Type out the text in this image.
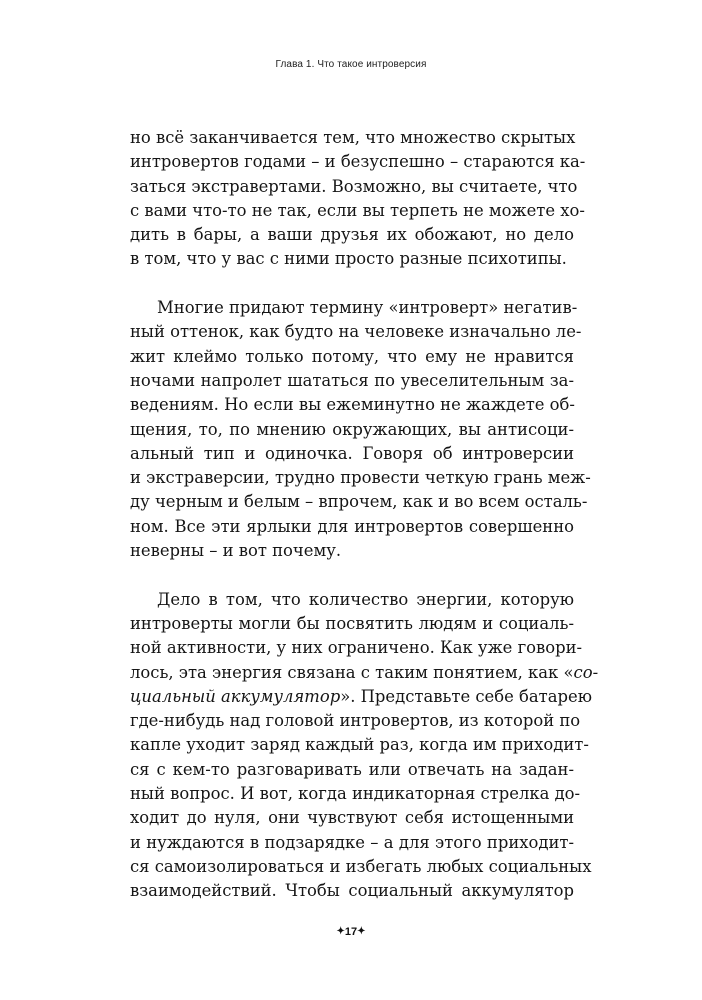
Глава 1. Что такое интроверсия
но всё заканчивается тем, что множество скрытых
интровертов годами – и безуспешно – стараются ка-
заться экстравертами. Возможно, вы считаете, что
с вами что-то не так, если вы терпеть не можете хо-
дить в бары, а ваши друзья их обожают, но дело
в том, что у вас с ними просто разные психотипы.
Многие придают термину «интроверт» негатив-
ный оттенок, как будто на человеке изначально ле-
жит клеймо только потому, что ему не нравится
ночами напролет шататься по увеселительным за-
ведениям. Но если вы ежеминутно не жаждете об-
щения, то, по мнению окружающих, вы антисоци-
альный тип и одиночка. Говоря об интроверсии
и экстраверсии, трудно провести четкую грань меж-
ду черным и белым – впрочем, как и во всем осталь-
ном. Все эти ярлыки для интровертов совершенно
неверны – и вот почему.
Дело в том, что количество энергии, которую
интроверты могли бы посвятить людям и социаль-
ной активности, у них ограничено. Как уже говори-
лось, эта энергия связана с таким понятием, как «со-
циальный аккумулятор». Представьте себе батарею
где-нибудь над головой интровертов, из которой по
капле уходит заряд каждый раз, когда им приходит-
ся с кем-то разговаривать или отвечать на задан-
ный вопрос. И вот, когда индикаторная стрелка до-
ходит до нуля, они чувствуют себя истощенными
и нуждаются в подзарядке – а для этого приходит-
ся самоизолироваться и избегать любых социальных
взаимодействий. Чтобы социальный аккумулятор
✦17✦
